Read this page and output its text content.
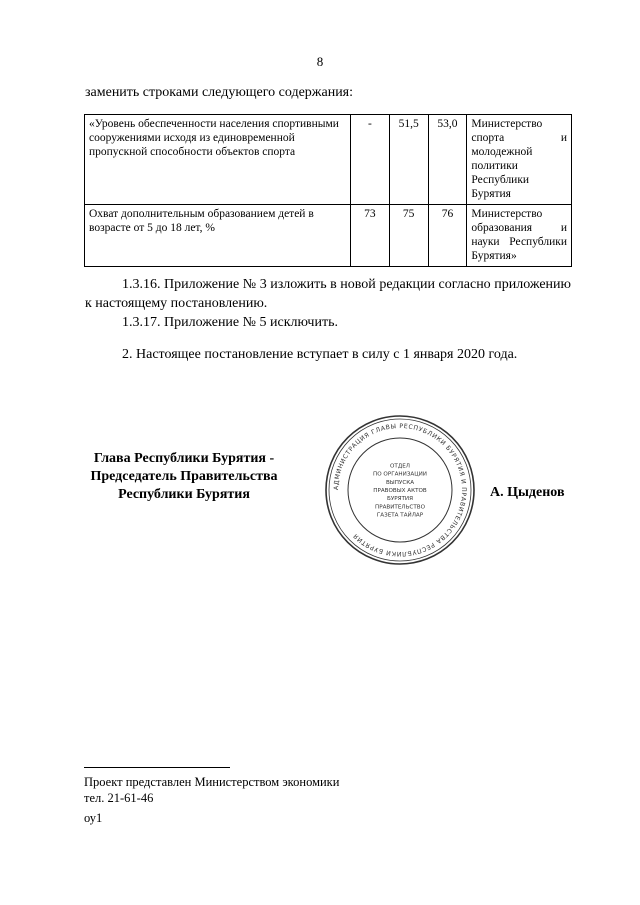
8
заменить строками следующего содержания:
«Уровень обеспеченности населения спортивными сооружениями исходя из единовременной пропускной способности объектов спорта	-	51,5	53,0	Министерство спорта и молодежной политики Республики Бурятия
Охват дополнительным образованием детей в возрасте от 5 до 18 лет, %	73	75	76	Министерство образования и науки Республики Бурятия»
1.3.16. Приложение № 3 изложить в новой редакции согласно приложению к настоящему постановлению.
1.3.17. Приложение № 5 исключить.
2. Настоящее постановление вступает в силу с 1 января 2020 года.
Глава Республики Бурятия -
Председатель Правительства
Республики Бурятия	АДМИНИСТРАЦИЯ ГЛАВЫ РЕСПУБЛИКИ БУРЯТИЯ И ПРАВИТЕЛЬСТВА РЕСПУБЛИКИ БУРЯТИЯ
ОТДЕЛ
ПО ОРГАНИЗАЦИИ
ВЫПУСКА
ПРАВОВЫХ АКТОВ
БУРЯТИЯ
ПРАВИТЕЛЬСТВО
ГАЗЕТА ТАЙЛАР
А. Цыденов
Проект представлен Министерством экономики
тел. 21-61-46
оу1
